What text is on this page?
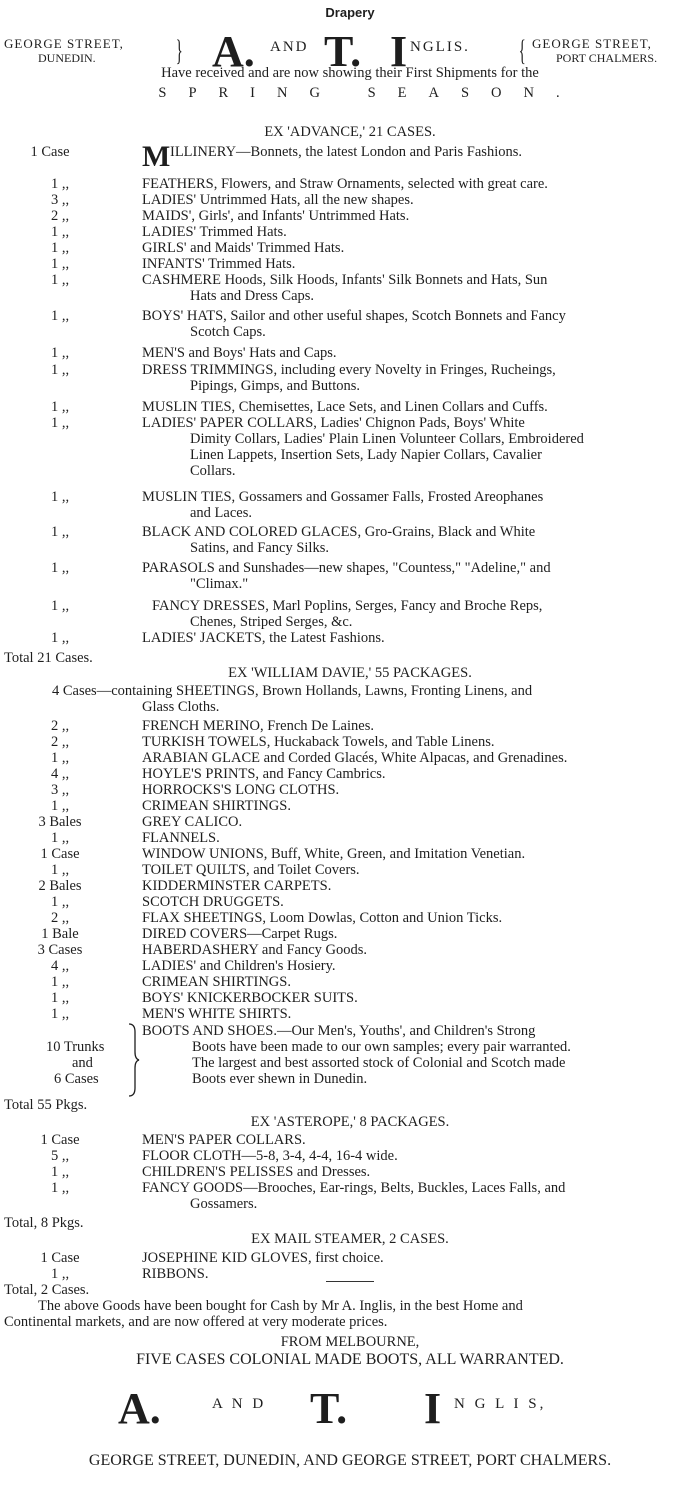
Drapery
GEORGE STREET,
DUNEDIN.	} A. AND T. I NGLIS. { GEORGE STREET,
PORT CHALMERS.
Have received and are now showing their First Shipments for the
SPRING SEASON.
EX 'ADVANCE,' 21 CASES.
1 Case	M ILLINERY—Bonnets, the latest London and Paris Fashions.
1 ,,	FEATHERS, Flowers, and Straw Ornaments, selected with great care.
3 ,,	LADIES' Untrimmed Hats, all the new shapes.
2 ,,	MAIDS', Girls', and Infants' Untrimmed Hats.
1 ,,	LADIES' Trimmed Hats.
1 ,,	GIRLS' and Maids' Trimmed Hats.
1 ,,	INFANTS' Trimmed Hats.
1 ,,	CASHMERE Hoods, Silk Hoods, Infants' Silk Bonnets and Hats, Sun
Hats and Dress Caps.
1 ,,	BOYS' HATS, Sailor and other useful shapes, Scotch Bonnets and Fancy
Scotch Caps.
1 ,,	MEN'S and Boys' Hats and Caps.
1 ,,	DRESS TRIMMINGS, including every Novelty in Fringes, Rucheings,
Pipings, Gimps, and Buttons.
1 ,,	MUSLIN TIES, Chemisettes, Lace Sets, and Linen Collars and Cuffs.
1 ,,	LADIES' PAPER COLLARS, Ladies' Chignon Pads, Boys' White
Dimity Collars, Ladies' Plain Linen Volunteer Collars, Embroidered
Linen Lappets, Insertion Sets, Lady Napier Collars, Cavalier
Collars.
1 ,,	MUSLIN TIES, Gossamers and Gossamer Falls, Frosted Areophanes
and Laces.
1 ,,	BLACK AND COLORED GLACES, Gro-Grains, Black and White
Satins, and Fancy Silks.
1 ,,	PARASOLS and Sunshades—new shapes, "Countess," "Adeline," and
"Climax."
1 ,,	FANCY DRESSES, Marl Poplins, Serges, Fancy and Broche Reps,
Chenes, Striped Serges, &c.
1 ,,	LADIES' JACKETS, the Latest Fashions.
Total 21 Cases.
EX 'WILLIAM DAVIE,' 55 PACKAGES.
4 Cases—containing SHEETINGS, Brown Hollands, Lawns, Fronting Linens, and
Glass Cloths.
2 ,,	FRENCH MERINO, French De Laines.
2 ,,	TURKISH TOWELS, Huckaback Towels, and Table Linens.
1 ,,	ARABIAN GLACE and Corded Glacés, White Alpacas, and Grenadines.
4 ,,	HOYLE'S PRINTS, and Fancy Cambrics.
3 ,,	HORROCKS'S LONG CLOTHS.
1 ,,	CRIMEAN SHIRTINGS.
3 Bales	GREY CALICO.
1 ,,	FLANNELS.
1 Case	WINDOW UNIONS, Buff, White, Green, and Imitation Venetian.
1 ,,	TOILET QUILTS, and Toilet Covers.
2 Bales	KIDDERMINSTER CARPETS.
1 ,,	SCOTCH DRUGGETS.
2 ,,	FLAX SHEETINGS, Loom Dowlas, Cotton and Union Ticks.
1 Bale	DIRED COVERS—Carpet Rugs.
3 Cases	HABERDASHERY and Fancy Goods.
4 ,,	LADIES' and Children's Hosiery.
1 ,,	CRIMEAN SHIRTINGS.
1 ,,	BOYS' KNICKERBOCKER SUITS.
1 ,,	MEN'S WHITE SHIRTS.
10 Trunks
and
6 Cases
BOOTS AND SHOES.—Our Men's, Youths', and Children's Strong
Boots have been made to our own samples; every pair warranted.
The largest and best assorted stock of Colonial and Scotch made
Boots ever shewn in Dunedin.
Total 55 Pkgs.
EX 'ASTEROPE,' 8 PACKAGES.
1 Case	MEN'S PAPER COLLARS.
5 ,,	FLOOR CLOTH—5-8, 3-4, 4-4, 16-4 wide.
1 ,,	CHILDREN'S PELISSES and Dresses.
1 ,,	FANCY GOODS—Brooches, Ear-rings, Belts, Buckles, Laces Falls, and
Gossamers.
Total, 8 Pkgs.
EX MAIL STEAMER, 2 CASES.
1 Case	JOSEPHINE KID GLOVES, first choice.
1 ,,	RIBBONS.
Total, 2 Cases.
The above Goods have been bought for Cash by Mr A. Inglis, in the best Home and
Continental markets, and are now offered at very moderate prices.
FROM MELBOURNE,
FIVE CASES COLONIAL MADE BOOTS, ALL WARRANTED.
A.	A N D T. I N G L I S,
GEORGE STREET, DUNEDIN, AND GEORGE STREET, PORT CHALMERS.
